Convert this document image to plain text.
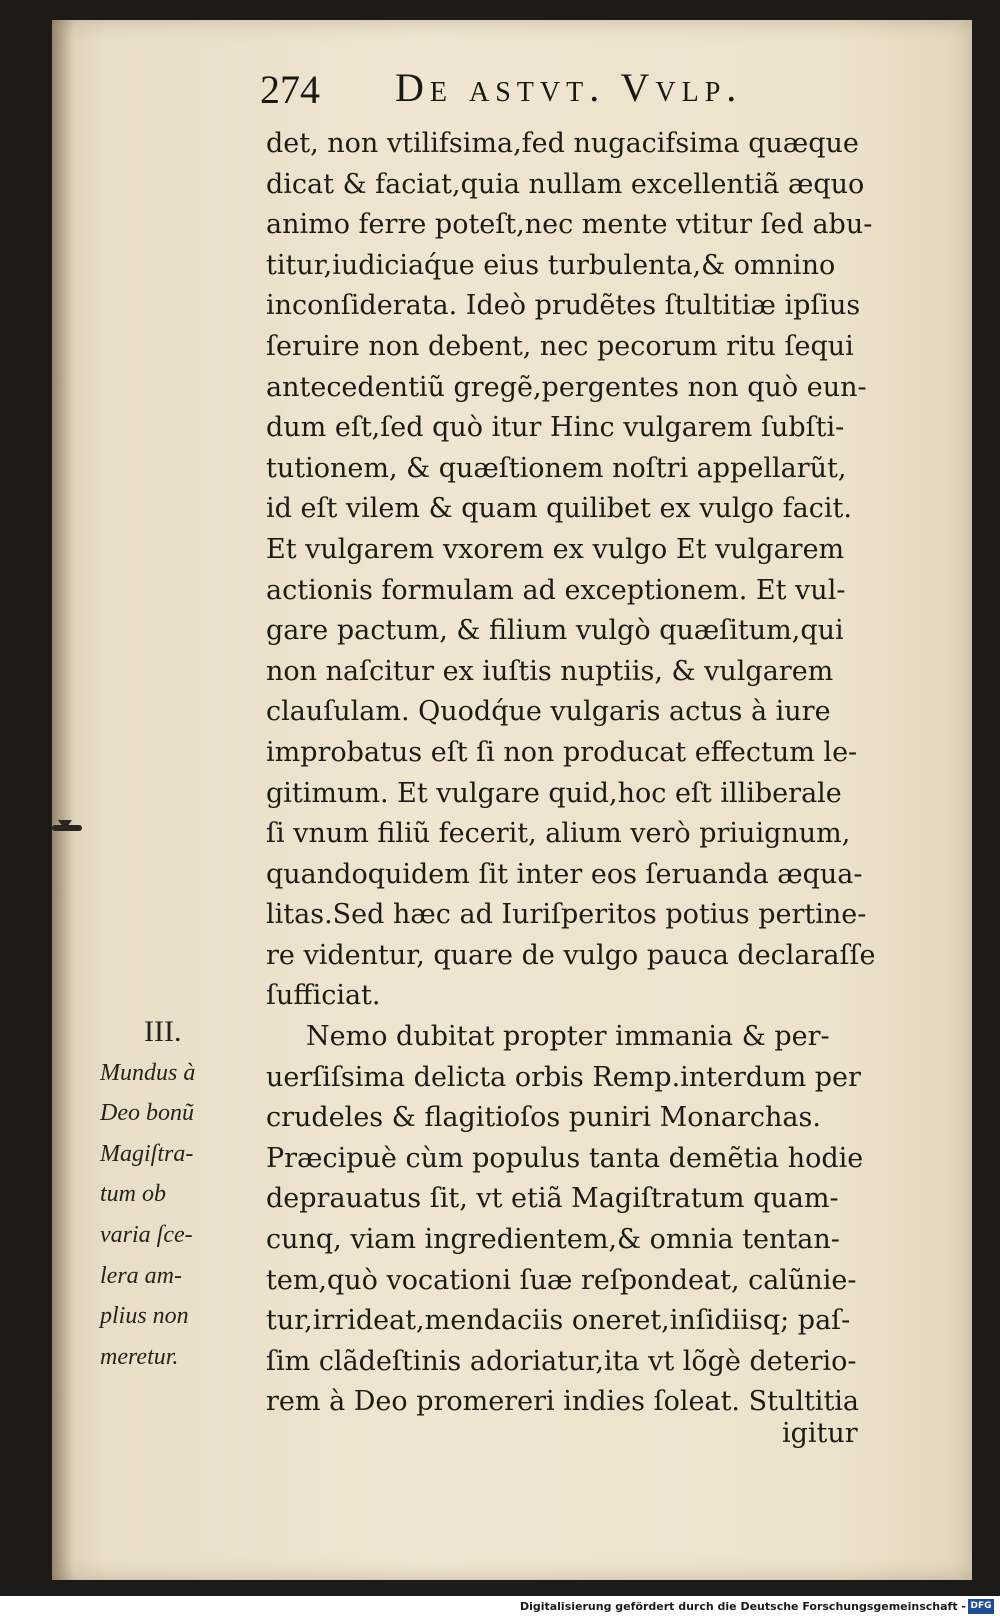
274 De astvt. Vvlp.
det, non vtilifsima,fed nugacifsima quæque
dicat & faciat,quia nullam excellentiã æquo
animo ferre poteſt,nec mente vtitur ſed abu-
titur,iudiciaq́ue eius turbulenta,& omnino
inconſiderata. Ideò prudẽtes ſtultitiæ ipſius
ſeruire non debent, nec pecorum ritu ſequi
antecedentiũ gregẽ,pergentes non quò eun-
dum eſt,ſed quò itur Hinc vulgarem ſubſti-
tutionem, & quæſtionem noſtri appellarũt,
id eſt vilem & quam quilibet ex vulgo facit.
Et vulgarem vxorem ex vulgo Et vulgarem
actionis formulam ad exceptionem. Et vul-
gare pactum, & filium vulgò quæſitum,qui
non naſcitur ex iuſtis nuptiis, & vulgarem
clauſulam. Quodq́ue vulgaris actus à iure
improbatus eſt ſi non producat effectum le-
gitimum. Et vulgare quid,hoc eſt illiberale
ſi vnum filiũ fecerit, alium verò priuignum,
quandoquidem ſit inter eos ſeruanda æqua-
litas.Sed hæc ad Iuriſperitos potius pertine-
re videntur, quare de vulgo pauca declaraſſe
ſufficiat.
Nemo dubitat propter immania & per-
uerſiſsima delicta orbis Remp.interdum per
crudeles & flagitioſos puniri Monarchas.
Præcipuè cùm populus tanta demẽtia hodie
deprauatus ſit, vt etiã Magiſtratum quam-
cunq, viam ingredientem,& omnia tentan-
tem,quò vocationi ſuæ reſpondeat, calũnie-
tur,irrideat,mendaciis oneret,inſidiisq; paſ-
ſim clãdeſtinis adoriatur,ita vt lõgè deterio-
rem à Deo promereri indies ſoleat. Stultitia
igitur
III.
Mundus à
Deo bonũ
Magiſtra-
tum ob
varia ſce-
lera am-
plius non
meretur.
Digitalisierung gefördert durch die Deutsche Forschungsgemeinschaft - DFG
